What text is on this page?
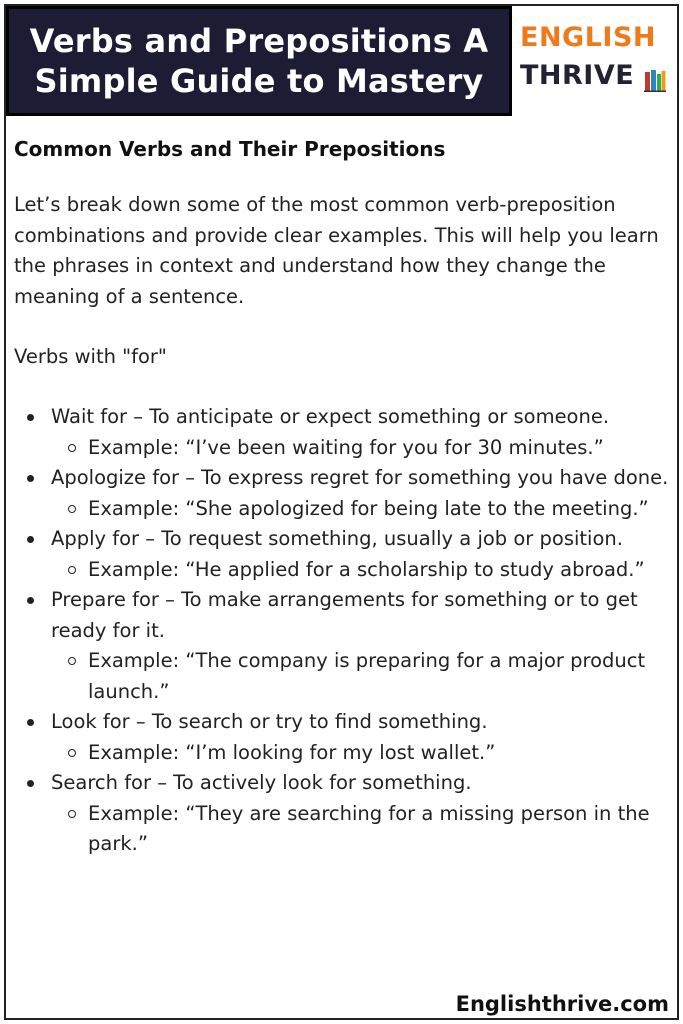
Verbs and Prepositions A
Simple Guide to Mastery
ENGLISH
THRIVE
Common Verbs and Their Prepositions

Let’s break down some of the most common verb-preposition combinations and provide clear examples. This will help you learn the phrases in context and understand how they change the meaning of a sentence.

Verbs with "for"

Wait for – To anticipate or expect something or someone.
Example: “I’ve been waiting for you for 30 minutes.”
Apologize for – To express regret for something you have done.
Example: “She apologized for being late to the meeting.”
Apply for – To request something, usually a job or position.
Example: “He applied for a scholarship to study abroad.”
Prepare for – To make arrangements for something or to get ready for it.
Example: “The company is preparing for a major product launch.”
Look for – To search or try to find something.
Example: “I’m looking for my lost wallet.”
Search for – To actively look for something.
Example: “They are searching for a missing person in the park.”
Englishthrive.com
